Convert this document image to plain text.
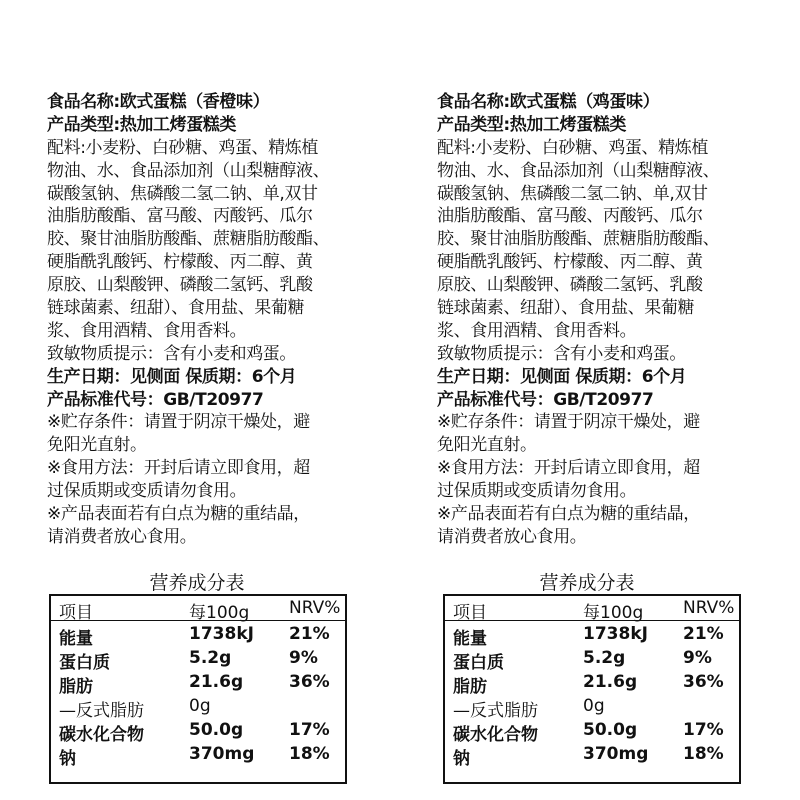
食品名称:欧式蛋糕（香橙味）
产品类型:热加工烤蛋糕类
配料:小麦粉、白砂糖、鸡蛋、精炼植
物油、水、食品添加剂（山梨糖醇液、
碳酸氢钠、焦磷酸二氢二钠、单,双甘
油脂肪酸酯、富马酸、丙酸钙、瓜尔
胶、聚甘油脂肪酸酯、蔗糖脂肪酸酯、
硬脂酰乳酸钙、柠檬酸、丙二醇、黄
原胶、山梨酸钾、磷酸二氢钙、乳酸
链球菌素、纽甜）、食用盐、果葡糖
浆、食用酒精、食用香料。
致敏物质提示：含有小麦和鸡蛋。
生产日期：见侧面 保质期：6个月
产品标准代号：GB/T20977
※贮存条件：请置于阴凉干燥处，避
免阳光直射。
※食用方法：开封后请立即食用，超
过保质期或变质请勿食用。
※产品表面若有白点为糖的重结晶，
请消费者放心食用。
营养成分表
项目	每100g NRV%
能量	1738kJ 21%
蛋白质	5.2g	9%
脂肪	21.6g	36%
—反式脂肪	0g
碳水化合物	50.0g	17%
钠	370mg 18%
食品名称:欧式蛋糕（鸡蛋味）
产品类型:热加工烤蛋糕类
配料:小麦粉、白砂糖、鸡蛋、精炼植
物油、水、食品添加剂（山梨糖醇液、
碳酸氢钠、焦磷酸二氢二钠、单,双甘
油脂肪酸酯、富马酸、丙酸钙、瓜尔
胶、聚甘油脂肪酸酯、蔗糖脂肪酸酯、
硬脂酰乳酸钙、柠檬酸、丙二醇、黄
原胶、山梨酸钾、磷酸二氢钙、乳酸
链球菌素、纽甜）、食用盐、果葡糖
浆、食用酒精、食用香料。
致敏物质提示：含有小麦和鸡蛋。
生产日期：见侧面 保质期：6个月
产品标准代号：GB/T20977
※贮存条件：请置于阴凉干燥处，避
免阳光直射。
※食用方法：开封后请立即食用，超
过保质期或变质请勿食用。
※产品表面若有白点为糖的重结晶，
请消费者放心食用。
营养成分表
项目	每100g NRV%
能量	1738kJ 21%
蛋白质	5.2g	9%
脂肪	21.6g	36%
—反式脂肪	0g
碳水化合物	50.0g	17%
钠	370mg 18%
